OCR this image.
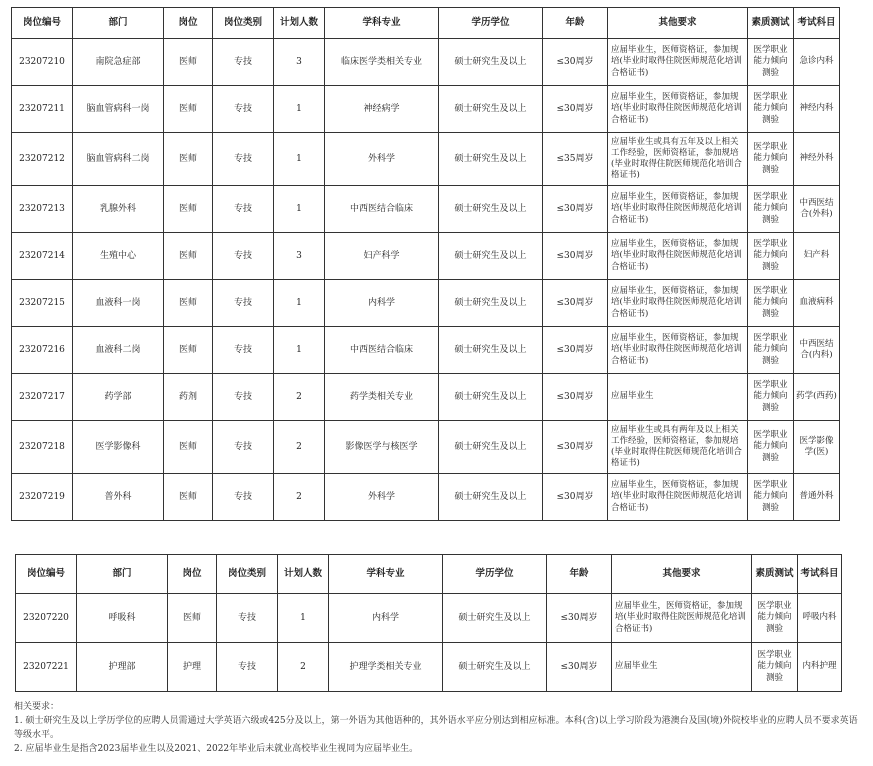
岗位编号	部门	岗位	岗位类别	计划人数	学科专业	学历学位	年龄	其他要求	素质测试	考试科目
23207210	南院急症部	医师	专技	3	临床医学类相关专业	硕士研究生及以上	≤30周岁	应届毕业生，医师资格证，参加规培(毕业时取得住院医师规范化培训合格证书)	医学职业能力倾向测验	急诊内科
23207211	脑血管病科一岗	医师	专技	1	神经病学	硕士研究生及以上	≤30周岁	应届毕业生，医师资格证，参加规培(毕业时取得住院医师规范化培训合格证书)	医学职业能力倾向测验	神经内科
23207212	脑血管病科二岗	医师	专技	1	外科学	硕士研究生及以上	≤35周岁	应届毕业生或具有五年及以上相关工作经验，医师资格证，参加规培(毕业时取得住院医师规范化培训合格证书)	医学职业能力倾向测验	神经外科
23207213	乳腺外科	医师	专技	1	中西医结合临床	硕士研究生及以上	≤30周岁	应届毕业生，医师资格证，参加规培(毕业时取得住院医师规范化培训合格证书)	医学职业能力倾向测验	中西医结合(外科)
23207214	生殖中心	医师	专技	3	妇产科学	硕士研究生及以上	≤30周岁	应届毕业生，医师资格证，参加规培(毕业时取得住院医师规范化培训合格证书)	医学职业能力倾向测验	妇产科
23207215	血液科一岗	医师	专技	1	内科学	硕士研究生及以上	≤30周岁	应届毕业生，医师资格证，参加规培(毕业时取得住院医师规范化培训合格证书)	医学职业能力倾向测验	血液病科
23207216	血液科二岗	医师	专技	1	中西医结合临床	硕士研究生及以上	≤30周岁	应届毕业生，医师资格证，参加规培(毕业时取得住院医师规范化培训合格证书)	医学职业能力倾向测验	中西医结合(内科)
23207217	药学部	药剂	专技	2	药学类相关专业	硕士研究生及以上	≤30周岁	应届毕业生	医学职业能力倾向测验	药学(西药)
23207218	医学影像科	医师	专技	2	影像医学与核医学	硕士研究生及以上	≤30周岁	应届毕业生或具有两年及以上相关工作经验，医师资格证，参加规培(毕业时取得住院医师规范化培训合格证书)	医学职业能力倾向测验	医学影像学(医)
23207219	普外科	医师	专技	2	外科学	硕士研究生及以上	≤30周岁	应届毕业生，医师资格证，参加规培(毕业时取得住院医师规范化培训合格证书)	医学职业能力倾向测验	普通外科
岗位编号	部门	岗位	岗位类别	计划人数	学科专业	学历学位	年龄	其他要求	素质测试	考试科目
23207220	呼吸科	医师	专技	1	内科学	硕士研究生及以上	≤30周岁	应届毕业生，医师资格证，参加规培(毕业时取得住院医师规范化培训合格证书)	医学职业能力倾向测验	呼吸内科
23207221	护理部	护理	专技	2	护理学类相关专业	硕士研究生及以上	≤30周岁	应届毕业生	医学职业能力倾向测验	内科护理
相关要求：
1. 硕士研究生及以上学历学位的应聘人员需通过大学英语六级或425分及以上，第一外语为其他语种的，其外语水平应分别达到相应标准。本科(含)以上学习阶段为港澳台及国(境)外院校毕业的应聘人员不要求英语等级水平。
2. 应届毕业生是指含2023届毕业生以及2021、2022年毕业后未就业高校毕业生视同为应届毕业生。
